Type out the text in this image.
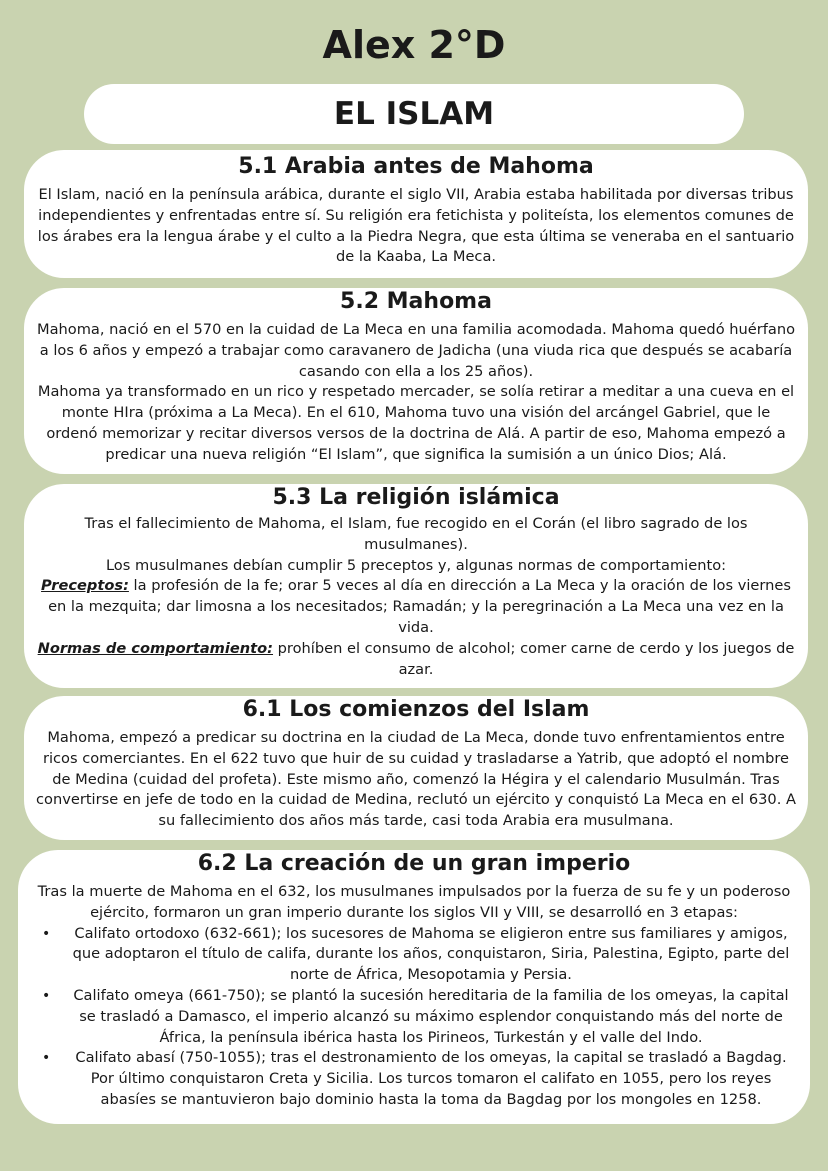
Alex 2°D
EL ISLAM
5.1 Arabia antes de Mahoma

El Islam, nació en la península arábica, durante el siglo VII, Arabia estaba habilitada por diversas tribus independientes y enfrentadas entre sí. Su religión era fetichista y politeísta, los elementos comunes de los árabes era la lengua árabe y el culto a la Piedra Negra, que esta última se veneraba en el santuario de la Kaaba, La Meca.

5.2 Mahoma

Mahoma, nació en el 570 en la cuidad de La Meca en una familia acomodada. Mahoma quedó huérfano a los 6 años y empezó a trabajar como caravanero de Jadicha (una viuda rica que después se acabaría casando con ella a los 25 años).

Mahoma ya transformado en un rico y respetado mercader, se solía retirar a meditar a una cueva en el monte HIra (próxima a La Meca). En el 610, Mahoma tuvo una visión del arcángel Gabriel, que le ordenó memorizar y recitar diversos versos de la doctrina de Alá. A partir de eso, Mahoma empezó a predicar una nueva religión “El Islam”, que significa la sumisión a un único Dios; Alá.

5.3 La religión islámica

Tras el fallecimiento de Mahoma, el Islam, fue recogido en el Corán (el libro sagrado de los musulmanes).

Los musulmanes debían cumplir 5 preceptos y, algunas normas de comportamiento:

Preceptos: la profesión de la fe; orar 5 veces al día en dirección a La Meca y la oración de los viernes en la mezquita; dar limosna a los necesitados; Ramadán; y la peregrinación a La Meca una vez en la vida.

Normas de comportamiento: prohíben el consumo de alcohol; comer carne de cerdo y los juegos de azar.

6.1 Los comienzos del Islam

Mahoma, empezó a predicar su doctrina en la ciudad de La Meca, donde tuvo enfrentamientos entre ricos comerciantes. En el 622 tuvo que huir de su cuidad y trasladarse a Yatrib, que adoptó el nombre de Medina (cuidad del profeta). Este mismo año, comenzó la Hégira y el calendario Musulmán. Tras convertirse en jefe de todo en la cuidad de Medina, reclutó un ejército y conquistó La Meca en el 630. A su fallecimiento dos años más tarde, casi toda Arabia era musulmana.

6.2 La creación de un gran imperio

Tras la muerte de Mahoma en el 632, los musulmanes impulsados por la fuerza de su fe y un poderoso ejército, formaron un gran imperio durante los siglos VII y VIII, se desarrolló en 3 etapas:

• Califato ortodoxo (632-661); los sucesores de Mahoma se eligieron entre sus familiares y amigos, que adoptaron el título de califa, durante los años, conquistaron, Siria, Palestina, Egipto, parte del norte de África, Mesopotamia y Persia.
• Califato omeya (661-750); se plantó la sucesión hereditaria de la familia de los omeyas, la capital se trasladó a Damasco, el imperio alcanzó su máximo esplendor conquistando más del norte de África, la península ibérica hasta los Pirineos, Turkestán y el valle del Indo.
• Califato abasí (750-1055); tras el destronamiento de los omeyas, la capital se trasladó a Bagdag. Por último conquistaron Creta y Sicilia. Los turcos tomaron el califato en 1055, pero los reyes abasíes se mantuvieron bajo dominio hasta la toma da Bagdag por los mongoles en 1258.
